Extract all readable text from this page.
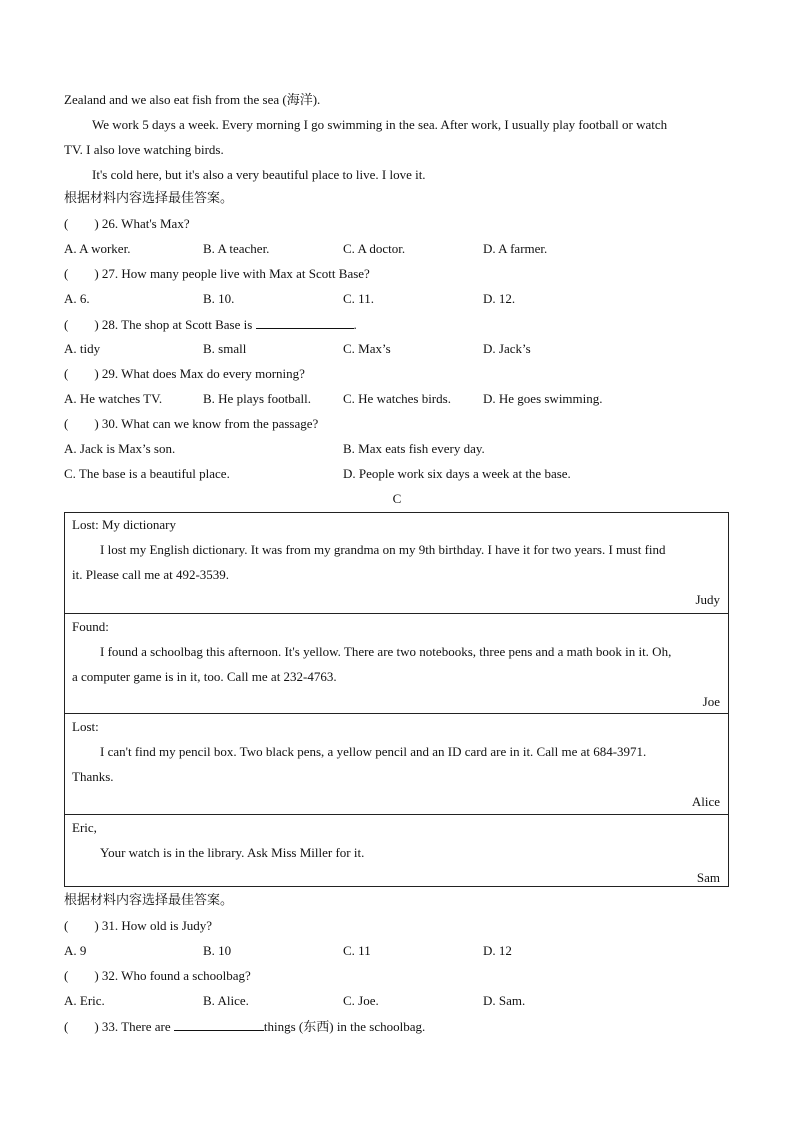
Zealand and we also eat fish from the sea (海洋).
We work 5 days a week. Every morning I go swimming in the sea. After work, I usually play football or watch
TV. I also love watching birds.
It's cold here, but it's also a very beautiful place to live. I love it.
根据材料内容选择最佳答案。
(　　) 26. What's Max?
A. A worker.	B. A teacher.	C. A doctor.	D. A farmer.
(　　) 27. How many people live with Max at Scott Base?
A. 6.	B. 10.	C. 11.	D. 12.
(　　) 28. The shop at Scott Base is	.
A. tidy	B. small	C. Max’s	D. Jack’s
(　　) 29. What does Max do every morning?
A. He watches TV.	B. He plays football. C. He watches birds. D. He goes swimming.
(　　) 30. What can we know from the passage?
A. Jack is Max’s son.	B. Max eats fish every day.
C. The base is a beautiful place.	D. People work six days a week at the base.
C
Lost: My dictionary
I lost my English dictionary. It was from my grandma on my 9th birthday. I have it for two years. I must find
it. Please call me at 492-3539.
Judy
Found:
I found a schoolbag this afternoon. It's yellow. There are two notebooks, three pens and a math book in it. Oh,
a computer game is in it, too. Call me at 232-4763.
Joe
Lost:
I can't find my pencil box. Two black pens, a yellow pencil and an ID card are in it. Call me at 684-3971.
Thanks.
Alice
Eric,
Your watch is in the library. Ask Miss Miller for it.
Sam
根据材料内容选择最佳答案。
(　　) 31. How old is Judy?
A. 9	B. 10	C. 11	D. 12
(　　) 32. Who found a schoolbag?
A. Eric.	B. Alice.	C. Joe.	D. Sam.
(　　) 33. There are	things (东西) in the schoolbag.
